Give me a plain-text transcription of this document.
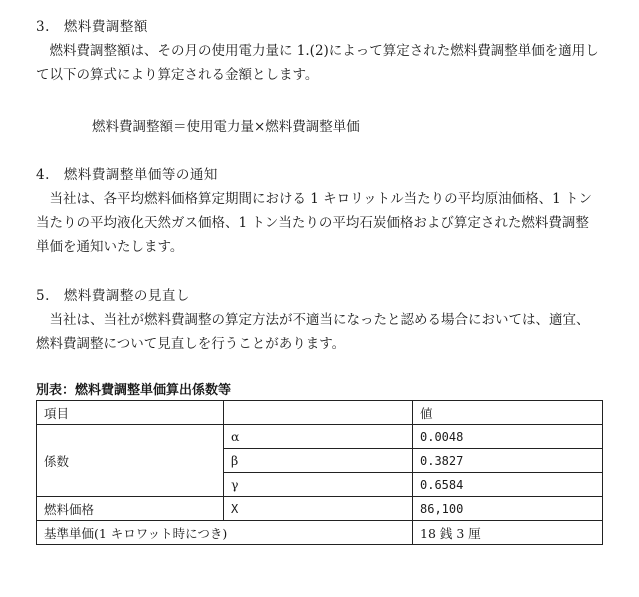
3.　燃料費調整額
　燃料費調整額は、その月の使用電力量に 1.(2)によって算定された燃料費調整単価を適用し
て以下の算式により算定される金額とします。
燃料費調整額＝使用電力量×燃料費調整単価
4.　燃料費調整単価等の通知
　当社は、各平均燃料価格算定期間における 1 キロリットル当たりの平均原油価格、1 トン
当たりの平均液化天然ガス価格、1 トン当たりの平均石炭価格および算定された燃料費調整
単価を通知いたします。
5.　燃料費調整の見直し
　当社は、当社が燃料費調整の算定方法が不適当になったと認める場合においては、適宜、
燃料費調整について見直しを行うことがあります。
別表：燃料費調整単価算出係数等
項目		値
係数	α	0.0048
	β	0.3827
	γ	0.6584
燃料価格	X	86,100
基準単価(1 キロワット時につき)		18 銭 3 厘
